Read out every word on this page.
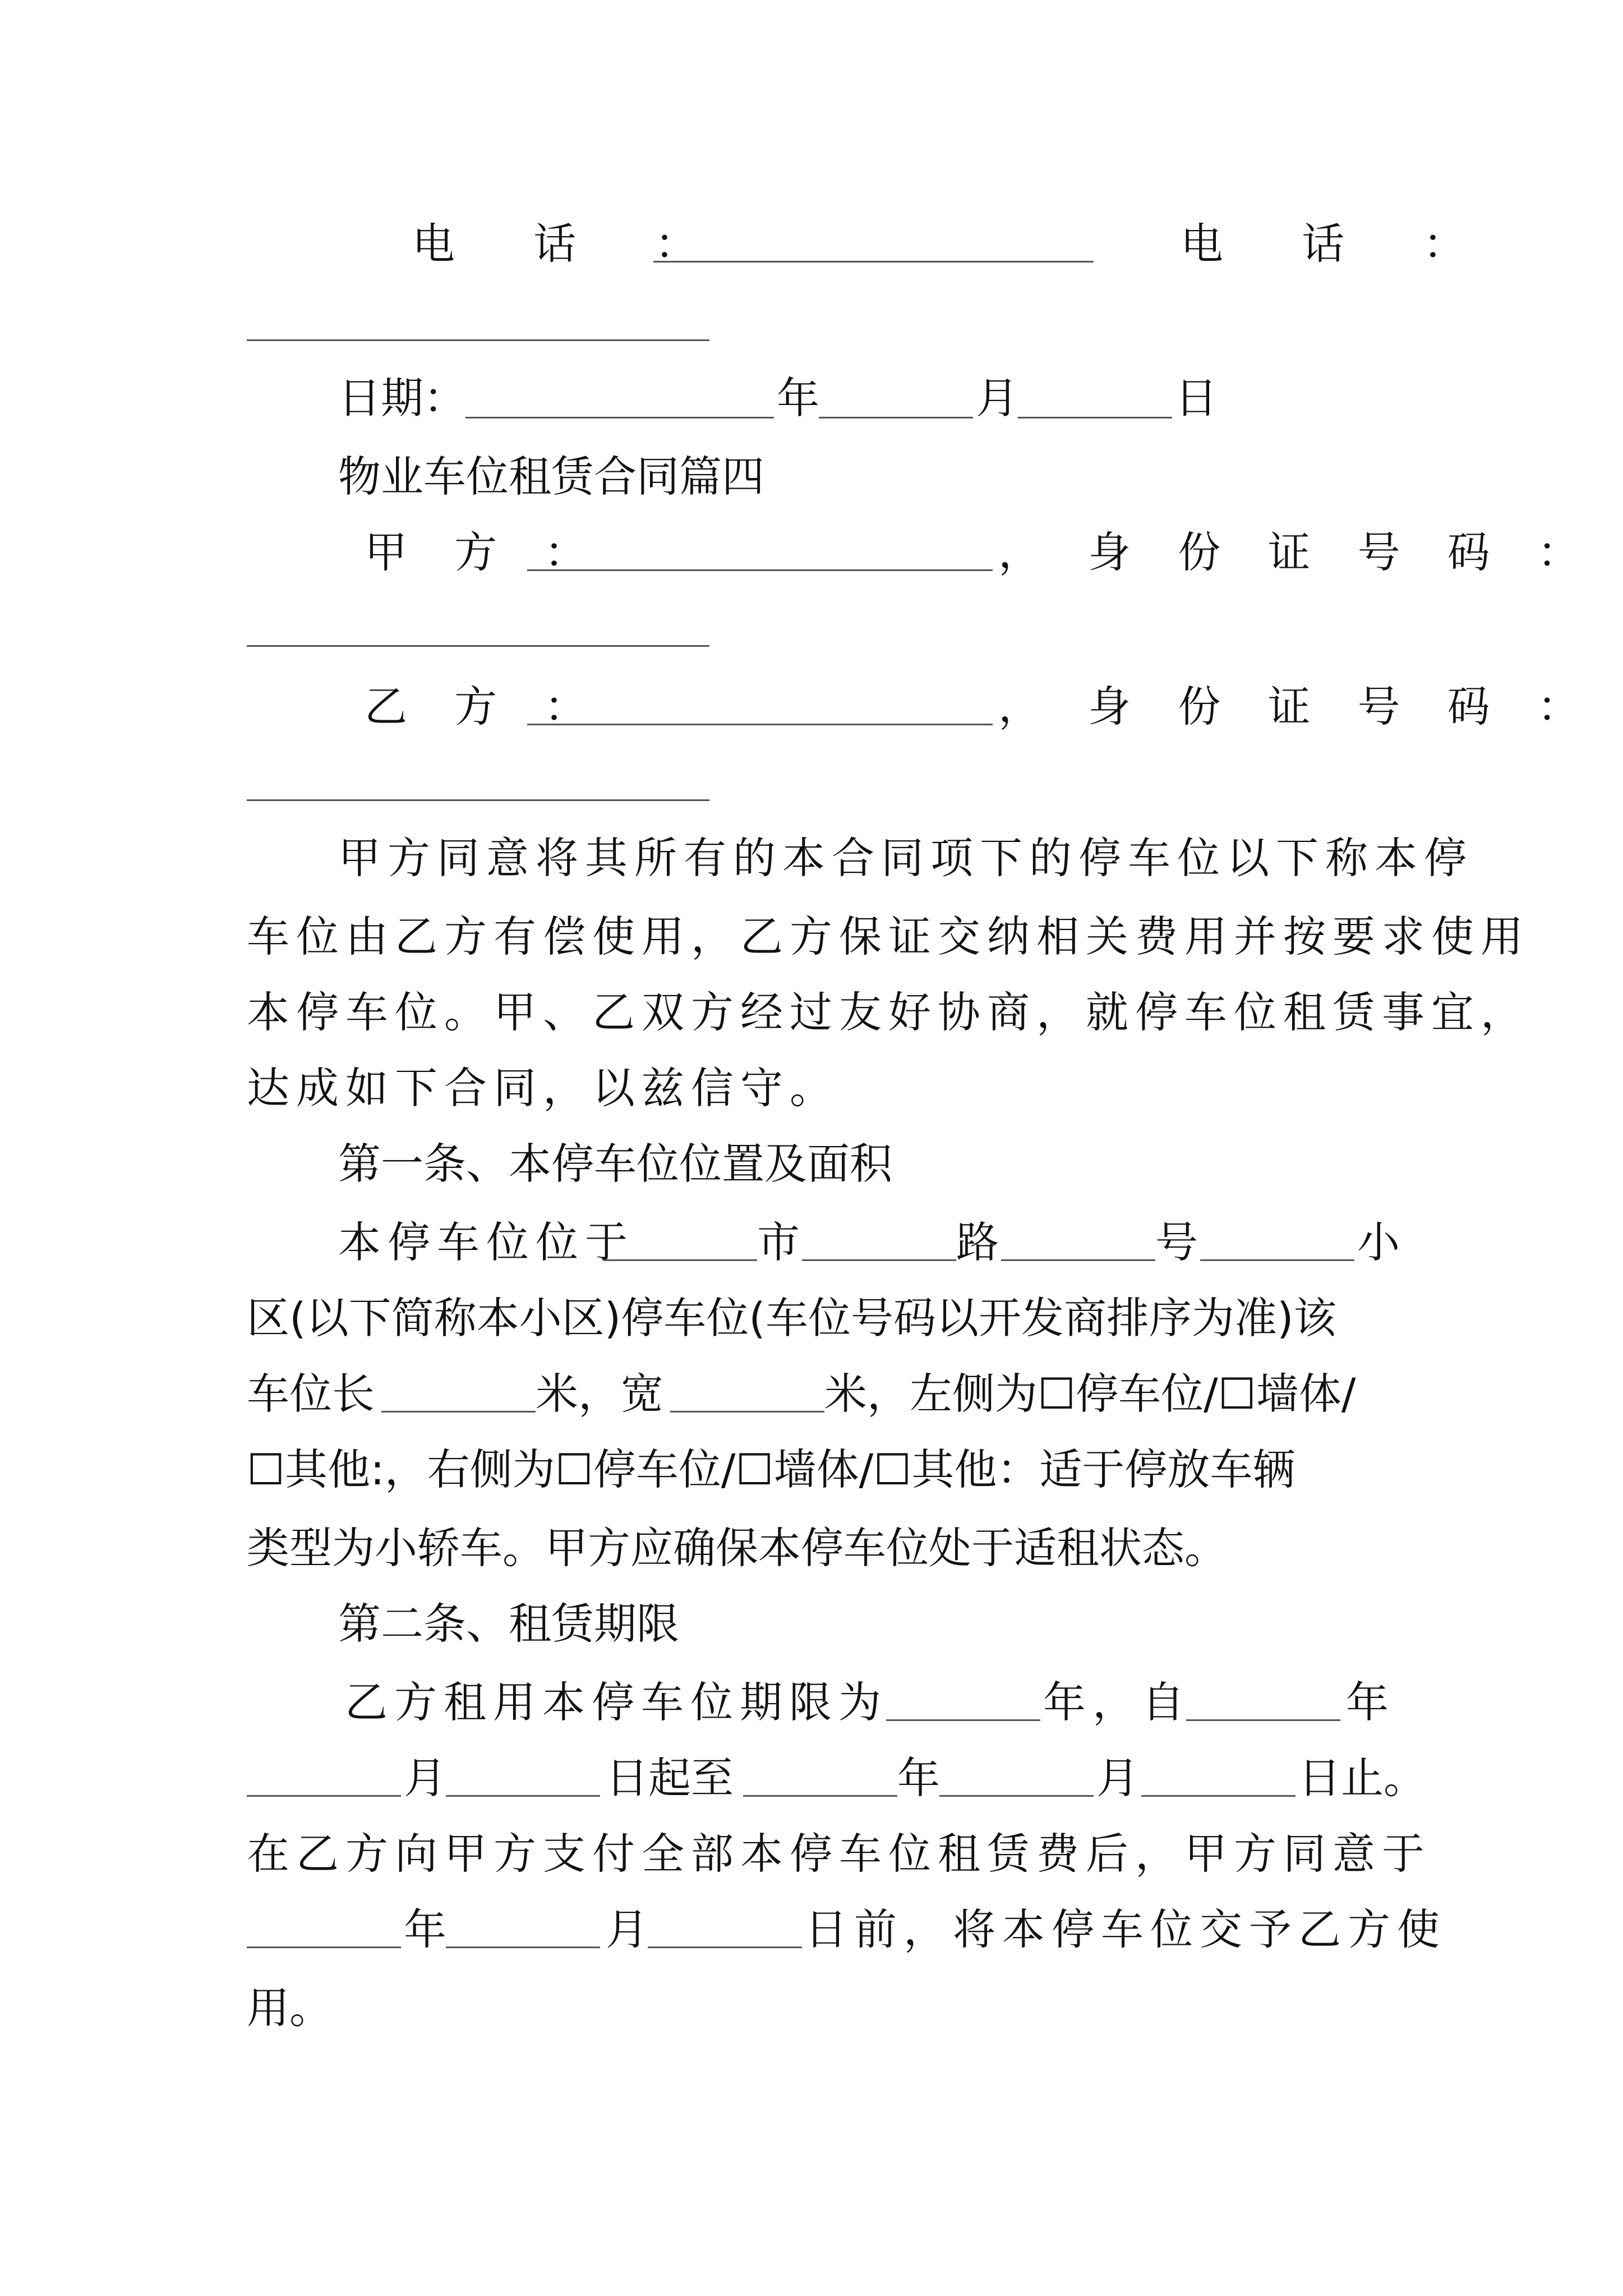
电 话 ：	电 话 ：
日期：	年	月	日
物业车位租赁合同篇四
甲 方 ：	， 身 份 证 号 码 ：
乙 方 ：	， 身 份 证 号 码 ：
甲方同意将其所有的本合同项下的停车位以下称本停
车位由乙方有偿使用，乙方保证交纳相关费用并按要求使用
本停车位。甲、乙双方经过友好协商，就停车位租赁事宜，
达成如下合同，以兹信守。
第一条、本停车位位置及面积
本停车位位于	市	路	号	小
区(以下简称本小区)停车位(车位号码以开发商排序为准)该
车位长	米，宽	米，左侧为☐停车位/☐墙体/
☐其他:，右侧为☐停车位/☐墙体/☐其他：适于停放车辆
类型为小轿车。甲方应确保本停车位处于适租状态。
第二条、租赁期限
乙方租用本停车位期限为	年，自	年
月	日起至	年	月	日止。
在乙方向甲方支付全部本停车位租赁费后，甲方同意于
年	月	日前，将本停车位交予乙方使
用。
